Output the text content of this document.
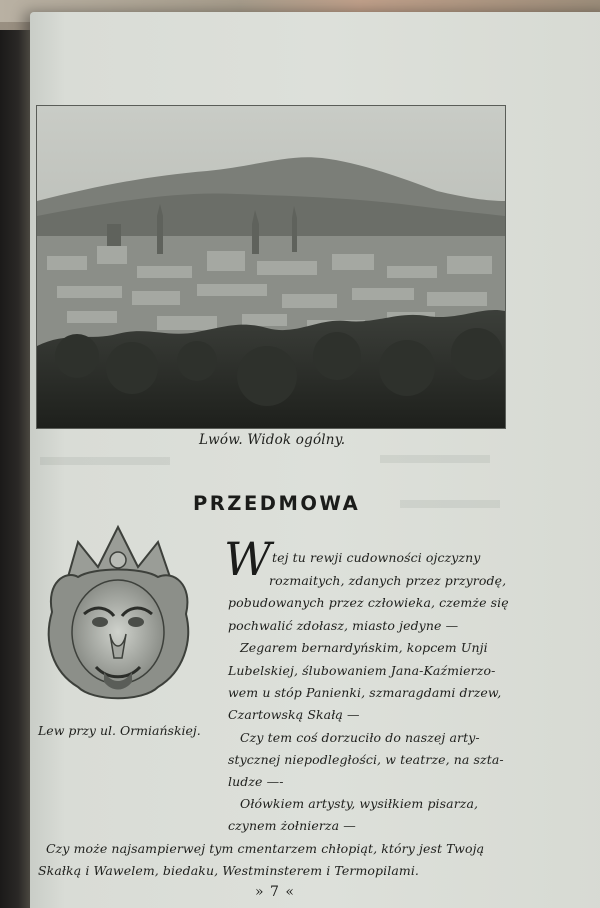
Lwów. Widok ogólny.
PRZEDMOWA
Lew przy ul. Ormiańskiej.
W tej tu rewji cudowności ojczyzny
rozmaitych, zdanych przez przyrodę,
pobudowanych przez człowieka, czemże się
pochwalić zdołasz, miasto jedyne —
Zegarem bernardyńskim, kopcem Unji
Lubelskiej, ślubowaniem Jana-Kaźmierzo-
wem u stóp Panienki, szmaragdami drzew,
Czartowską Skałą —
Czy tem coś dorzuciło do naszej arty-
stycznej niepodległości, w teatrze, na szta-
ludze —-
Ołówkiem artysty, wysiłkiem pisarza,
czynem żołnierza —
Czy może najsampierwej tym cmentarzem chłopiąt, który jest Twoją
Skałką i Wawelem, biedaku, Westminsterem i Termopilami.
» 7 «
